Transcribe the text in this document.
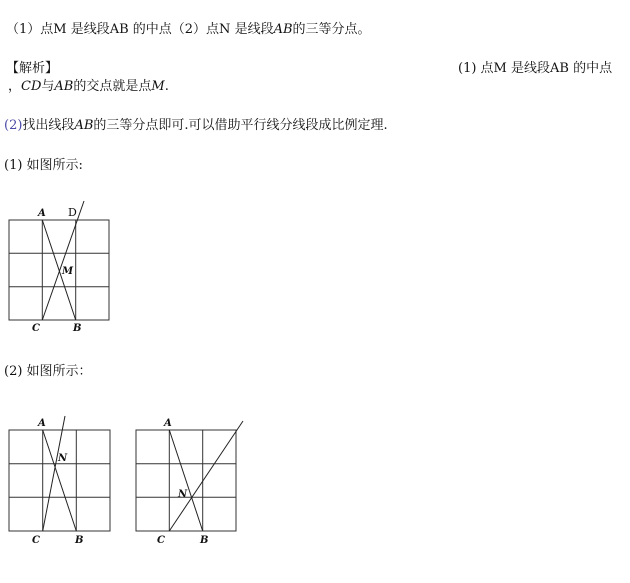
（1）点M 是线段AB 的中点（2）点N 是线段AB的三等分点。
【解析】	(1) 点M 是线段AB 的中点
，CD与AB的交点就是点M.
(2)找出线段AB的三等分点即可.可以借助平行线分线段成比例定理.
(1) 如图所示:
A D
M
C	B
(2) 如图所示：
A
N
C	B
A
N
C	B
